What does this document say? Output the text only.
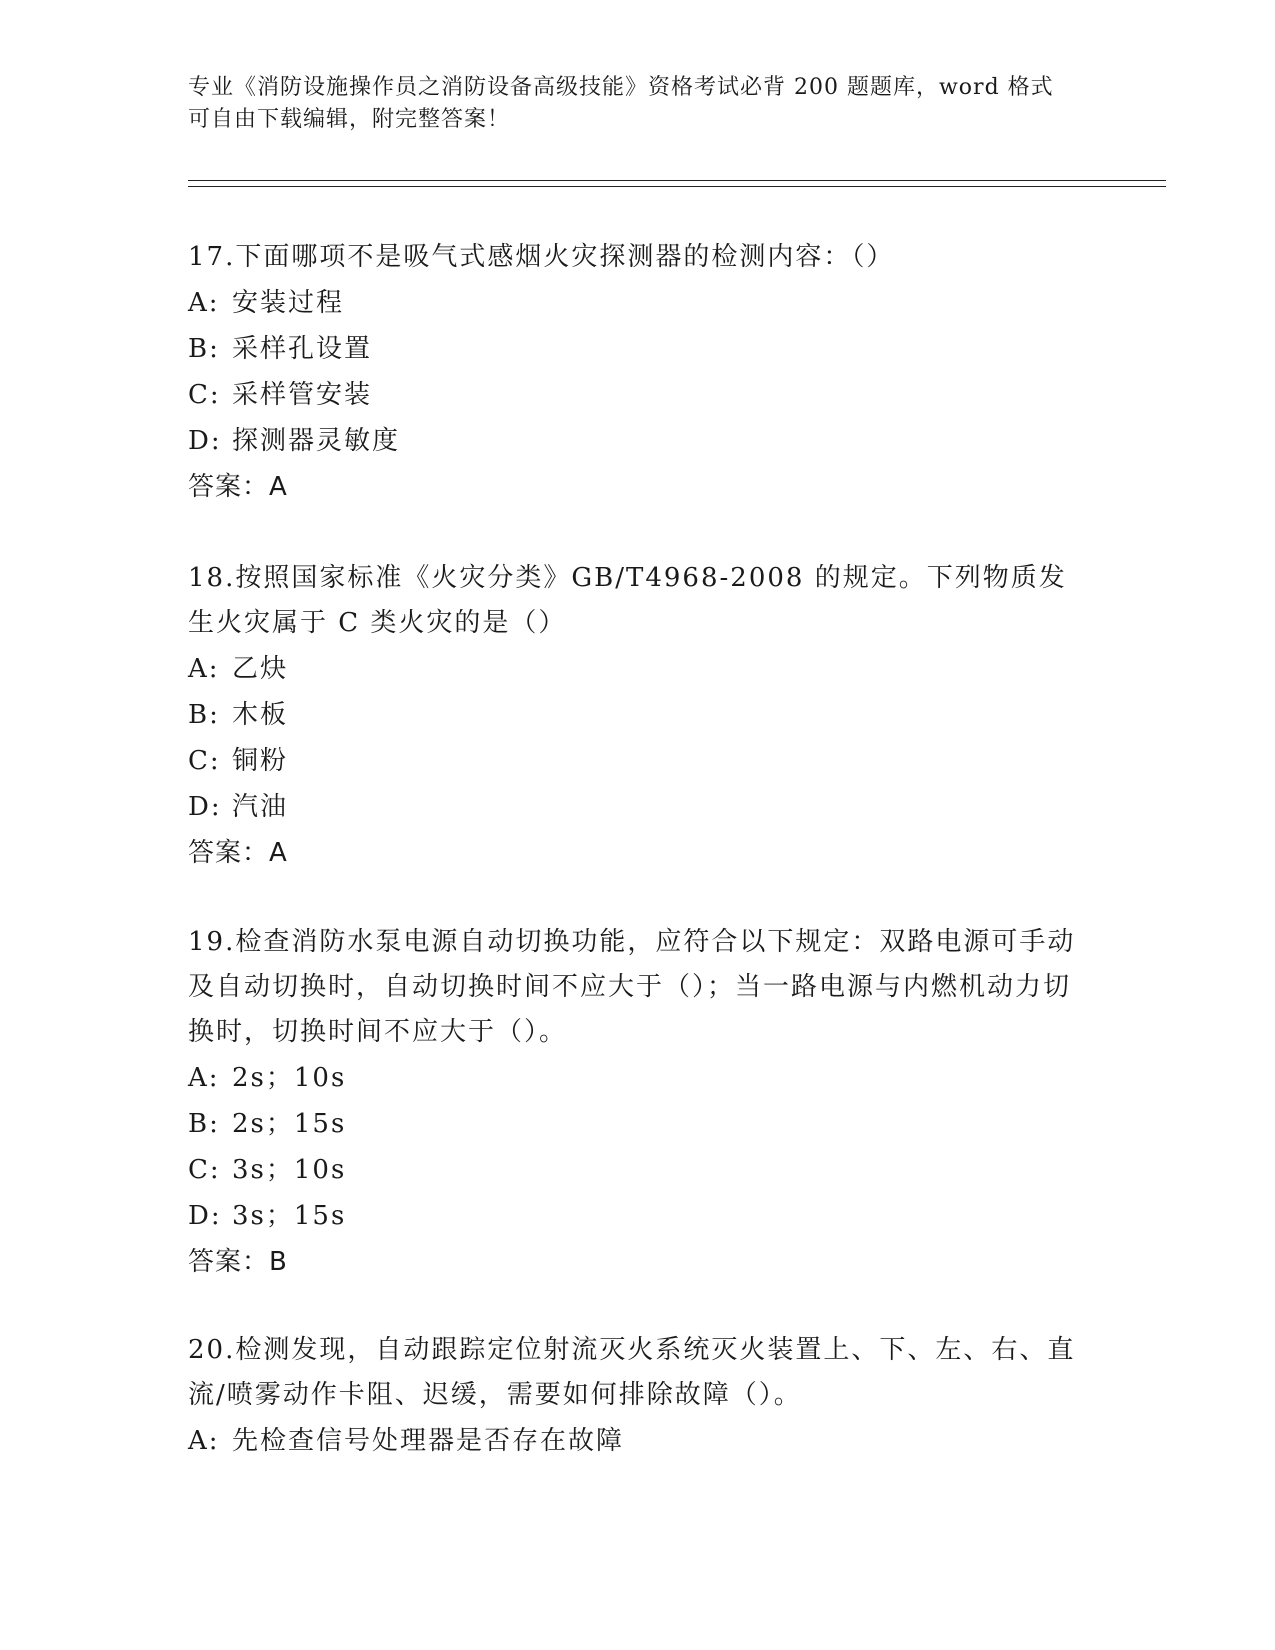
专业《消防设施操作员之消防设备高级技能》资格考试必背 200 题题库，word 格式可自由下载编辑，附完整答案！

17.下面哪项不是吸气式感烟火灾探测器的检测内容：（）

A: 安装过程

B: 采样孔设置

C: 采样管安装

D: 探测器灵敏度

答案：A

18.按照国家标准《火灾分类》GB/T4968-2008 的规定。下列物质发生火灾属于 C 类火灾的是（）

A: 乙炔

B: 木板

C: 铜粉

D: 汽油

答案：A

19.检查消防水泵电源自动切换功能，应符合以下规定：双路电源可手动及自动切换时，自动切换时间不应大于（）；当一路电源与内燃机动力切换时，切换时间不应大于（）。

A: 2s；10s

B: 2s；15s

C: 3s；10s

D: 3s；15s

答案：B

20.检测发现，自动跟踪定位射流灭火系统灭火装置上、下、左、右、直流/喷雾动作卡阻、迟缓，需要如何排除故障（）。

A: 先检查信号处理器是否存在故障
